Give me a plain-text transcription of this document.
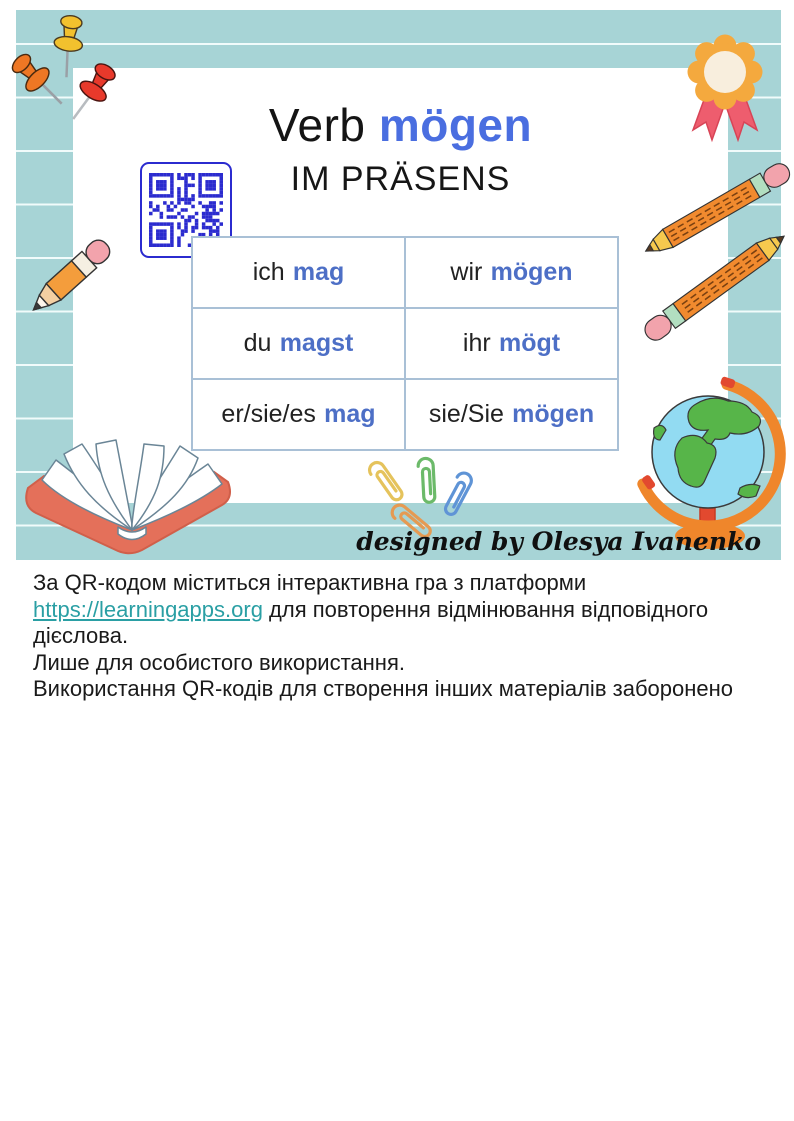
Verb mögen
IM PRÄSENS
ich mag	wir mögen
du magst	ihr mögt
er/sie/es mag	sie/Sie mögen
designed by Olesya Ivanenko
За QR-кодом міститься інтерактивна гра з платформи
https://learningapps.org для повторення відмінювання відповідного
дієслова.
Лише для особистого використання.
Використання QR-кодів для створення інших матеріалів заборонено
